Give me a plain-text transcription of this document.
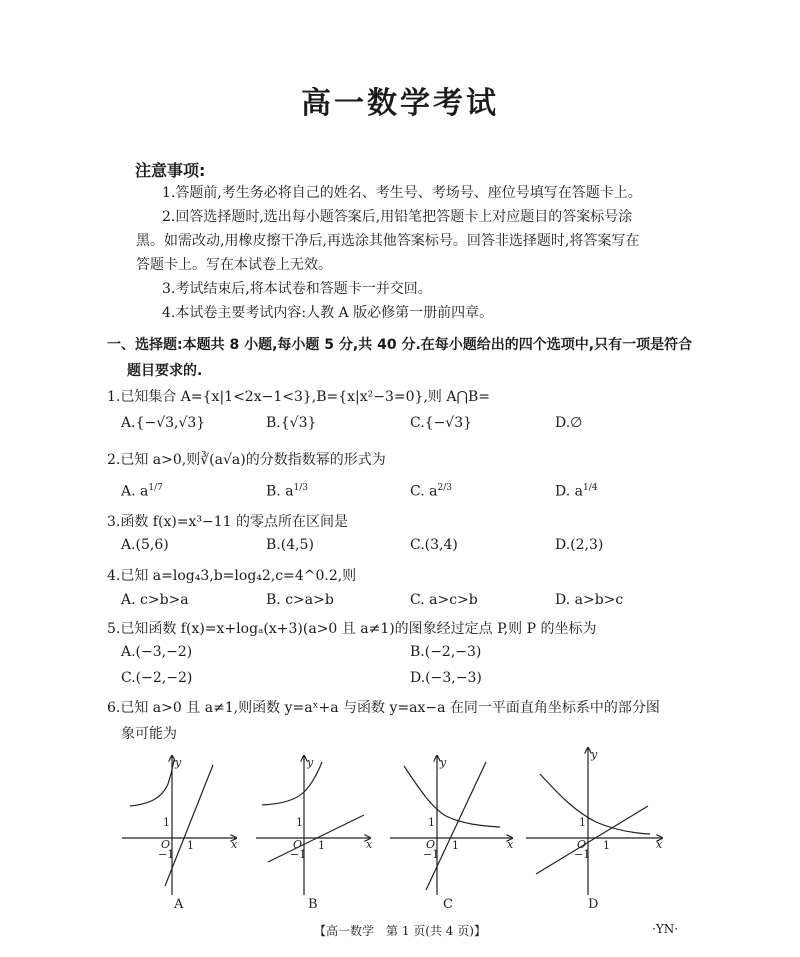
高一数学考试
注意事项:
1.答题前,考生务必将自己的姓名、考生号、考场号、座位号填写在答题卡上。
2.回答选择题时,选出每小题答案后,用铅笔把答题卡上对应题目的答案标号涂
黑。如需改动,用橡皮擦干净后,再选涂其他答案标号。回答非选择题时,将答案写在
答题卡上。写在本试卷上无效。
3.考试结束后,将本试卷和答题卡一并交回。
4.本试卷主要考试内容:人教 A 版必修第一册前四章。
一、选择题:本题共 8 小题,每小题 5 分,共 40 分.在每小题给出的四个选项中,只有一项是符合
题目要求的.
1.已知集合 A={x|1<2x−1<3},B={x|x²−3=0},则 A⋂B=
A.{−√3,√3}	B.{√3}	C.{−√3}	D.∅
2.已知 a>0,则∛(a√a)的分数指数幂的形式为
A. $a^{1/7}$	B. $a^{1/3}$	C. $a^{2/3}$	D. $a^{1/4}$
3.函数 f(x)=x³−11 的零点所在区间是
A.(5,6)	B.(4,5)	C.(3,4)	D.(2,3)
4.已知 a=log₄3,b=log₄2,c=4^0.2,则
A. c>b>a	B. c>a>b	C. a>c>b	D. a>b>c
5.已知函数 f(x)=x+logₐ(x+3)(a>0 且 a≠1)的图象经过定点 P,则 P 的坐标为
A.(−3,−2)	B.(−2,−3)
C.(−2,−2)	D.(−3,−3)
6.已知 a>0 且 a≠1,则函数 y=aˣ+a 与函数 y=ax−a 在同一平面直角坐标系中的部分图
象可能为
y
x
O
1
1
−1
A
y
x
O
1
1
−1
B
y
x
O
1
1
−1
C
y
x
O
1
1
−1
D
【高一数学　第 1 页(共 4 页)】	·YN·
